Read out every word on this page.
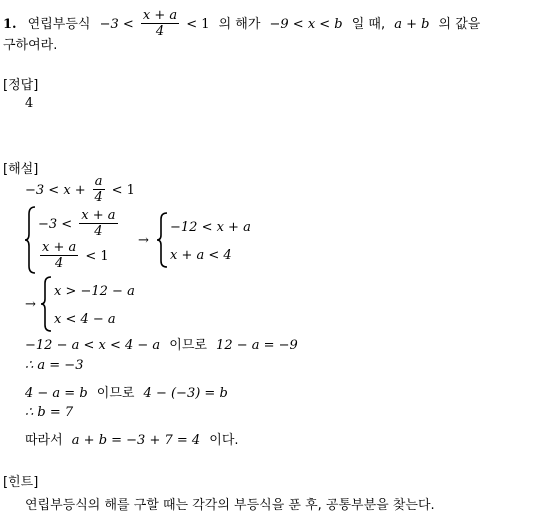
1. 연립부등식 $-3 < \frac{x + a}{4} < 1$ 의 해가 −9 < x < b 일 때, a + b 의 값을
구하여라.
[정답]
4
[해설]
$-3 < x + \frac{a}{4} < 1$
$-3 < \frac{x + a}{4}$
$\frac{x + a}{4} < 1$
→
−12 < x + a
x + a < 4
→
x > −12 − a
x < 4 − a
−12 − a < x < 4 − a 이므로 12 − a = −9
∴ a = −3
4 − a = b 이므로 4 − (−3) = b
∴ b = 7
따라서 a + b = −3 + 7 = 4 이다.
[힌트]
연립부등식의 해를 구할 때는 각각의 부등식을 푼 후, 공통부분을 찾는다.
